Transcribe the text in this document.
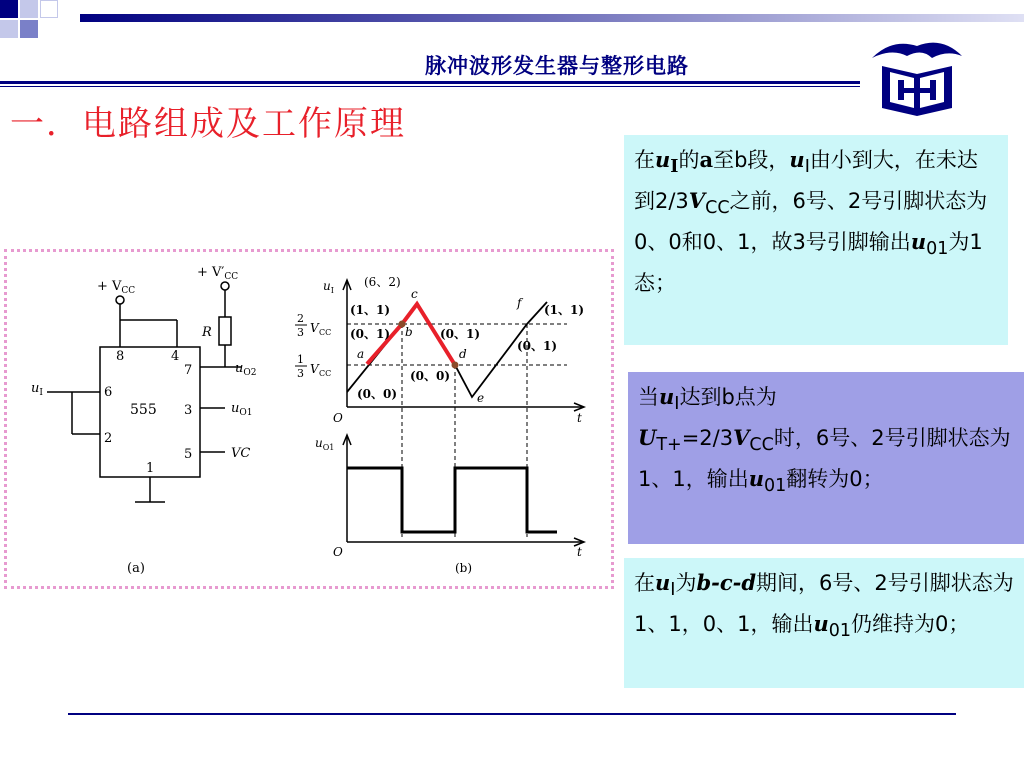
脉冲波形发生器与整形电路
一．电路组成及工作原理
+ $V_{CC}$
+ $V'_{CC}$
R
555
8	4
7
6
2
3
5
1
$u_I$
$u_{O2}$
$u_{O1}$
VC
(a)
$u_I$
$u_{O1}$
O
O
t
t
2
3 V CC
1
3 V CC
a
b
c
d
e
f
(6、2)
(1、1)
(0、1)	(0、1)
(0、0)
(0、0)
(1、1)
(0、1)
(b)
在$u_I$的a至b段，$u_I$由小到大，在未达到$2/3V_{CC}$之前，6号、2号引脚状态为0、0和0、1，故3号引脚输出$u_{01}$为1态；
当$u_I$达到b点为
$U_{T+}=2/3V_{CC}$时，6号、2号引脚状态为1、1，输出$u_{01}$翻转为0；
在$u_I$为b-c-d期间，6号、2号引脚状态为1、1，0、1，输出$u_{01}$仍维持为0；
